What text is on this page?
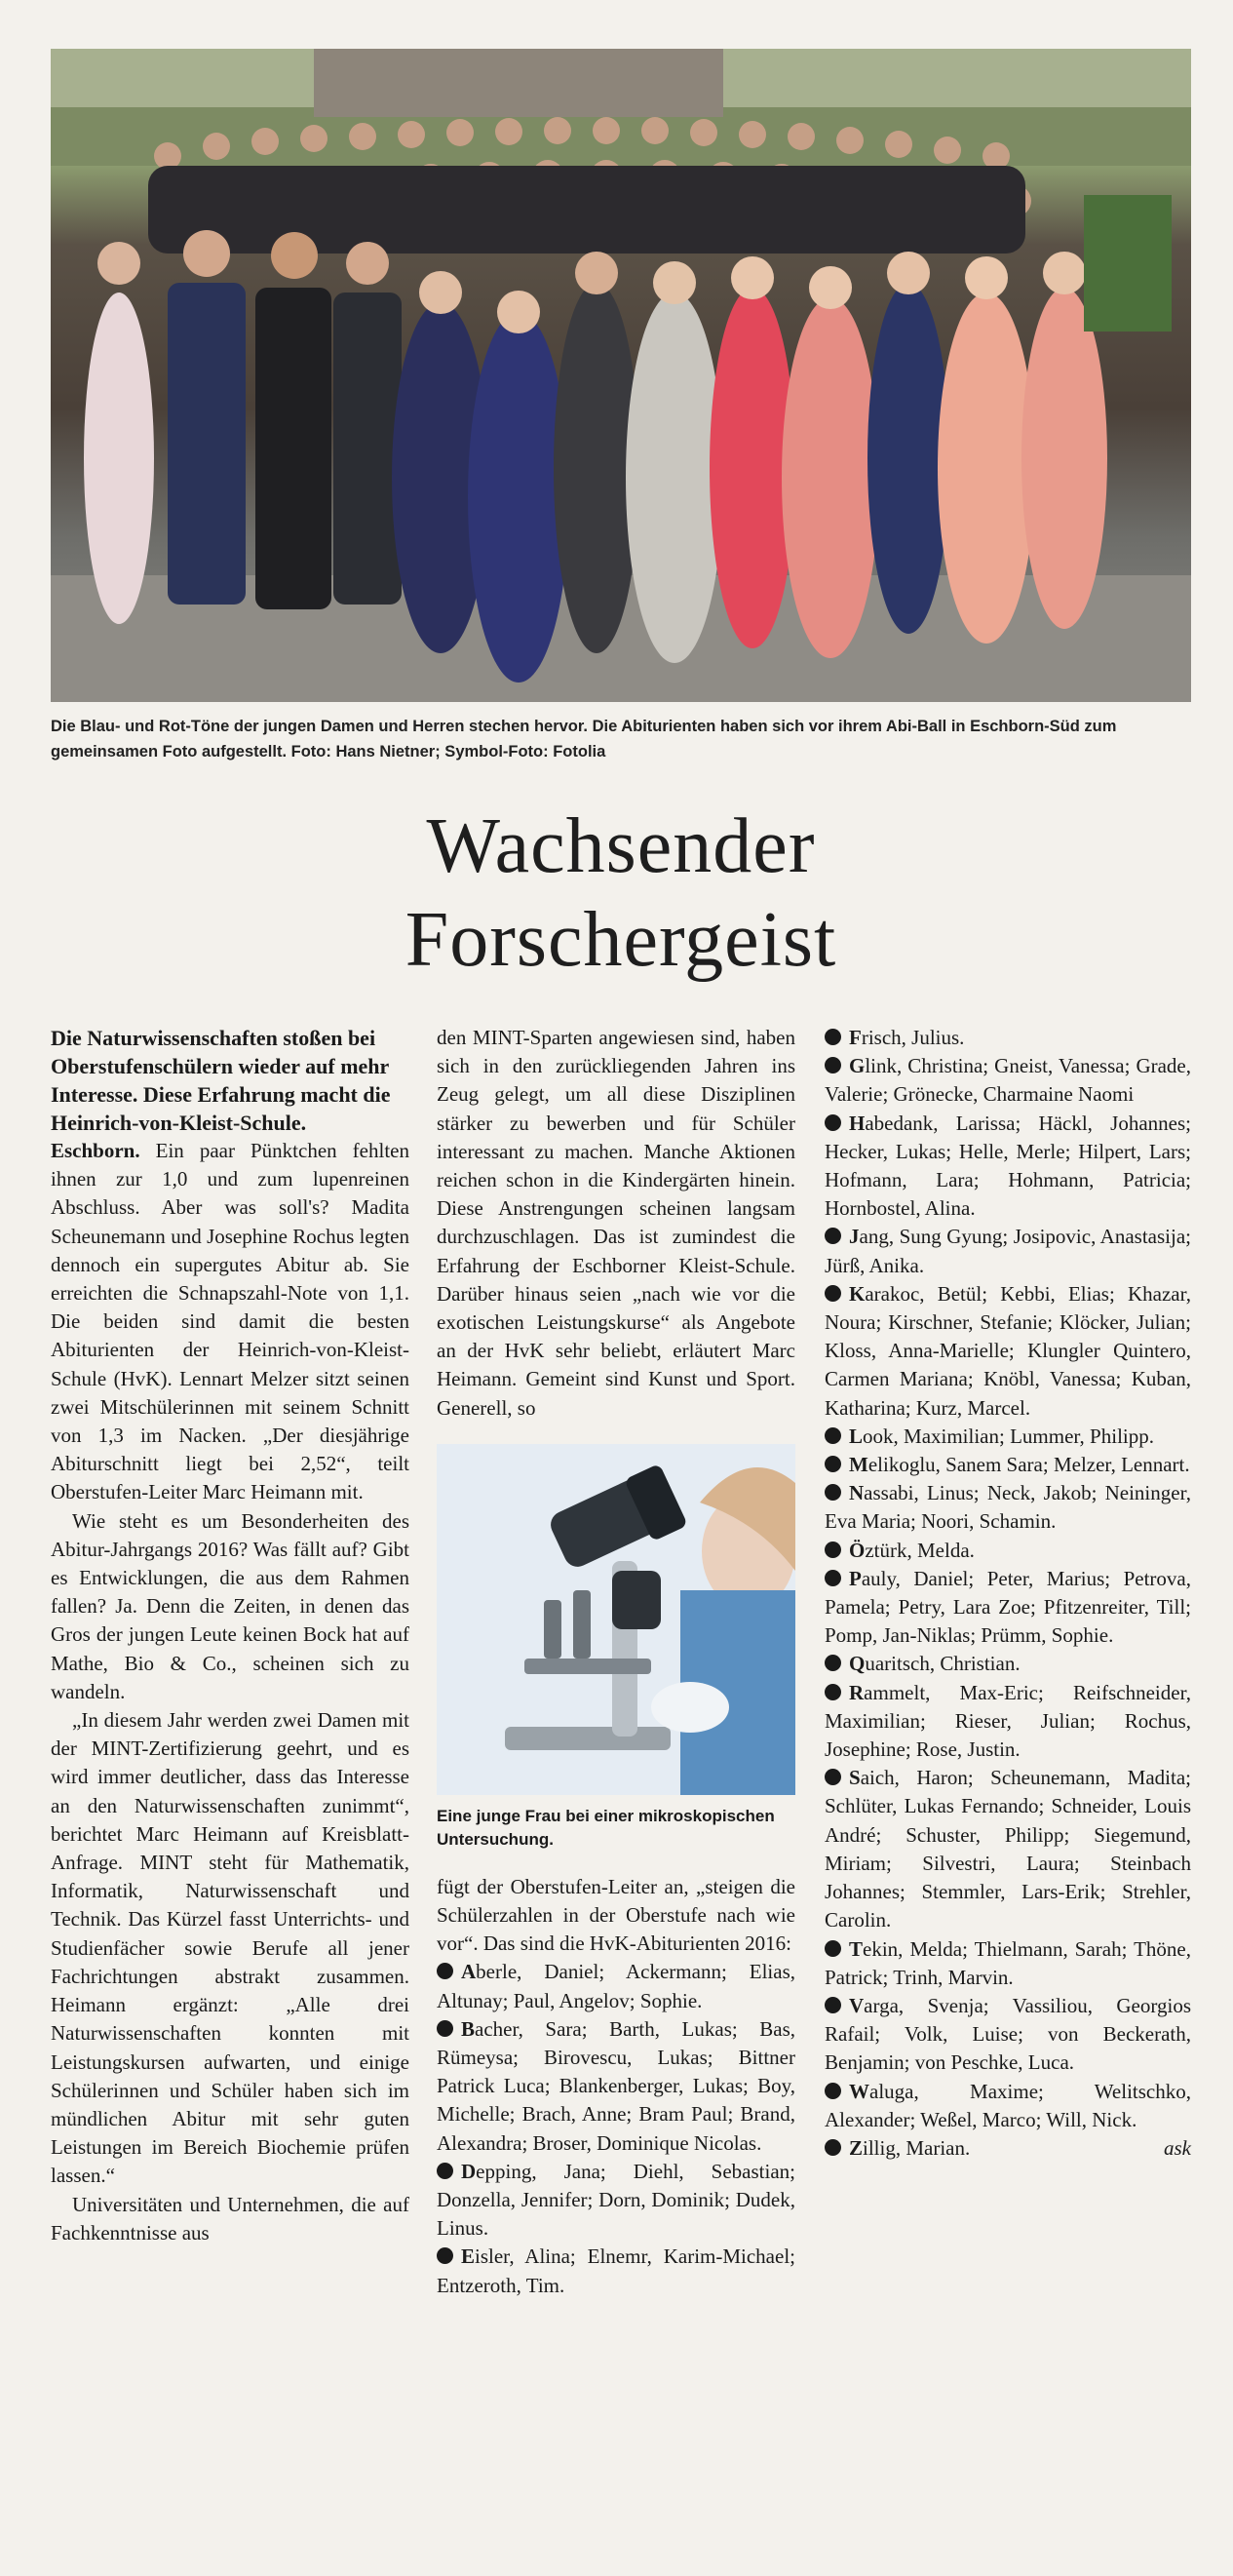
Die Blau- und Rot-Töne der jungen Damen und Herren stechen hervor. Die Abiturienten haben sich vor ihrem Abi-Ball in Eschborn-Süd zum gemeinsamen Foto aufgestellt. Foto: Hans Nietner; Symbol-Foto: Fotolia
Wachsender
Forschergeist

Die Naturwissenschaften stoßen bei Oberstufenschülern wieder auf mehr Interesse. Diese Erfahrung macht die Heinrich-von-Kleist-Schule.

Eschborn. Ein paar Pünktchen fehlten ihnen zur 1,0 und zum lupenreinen Abschluss. Aber was soll's? Madita Scheunemann und Josephine Rochus legten dennoch ein supergutes Abitur ab. Sie erreichten die Schnapszahl-Note von 1,1. Die beiden sind damit die besten Abiturienten der Heinrich-von-Kleist-Schule (HvK). Lennart Melzer sitzt seinen zwei Mitschülerinnen mit seinem Schnitt von 1,3 im Nacken. „Der diesjährige Abiturschnitt liegt bei 2,52“, teilt Oberstufen-Leiter Marc Heimann mit.

Wie steht es um Besonderheiten des Abitur-Jahrgangs 2016? Was fällt auf? Gibt es Entwicklungen, die aus dem Rahmen fallen? Ja. Denn die Zeiten, in denen das Gros der jungen Leute keinen Bock hat auf Mathe, Bio & Co., scheinen sich zu wandeln.

„In diesem Jahr werden zwei Damen mit der MINT-Zertifizierung geehrt, und es wird immer deutlicher, dass das Interesse an den Naturwissenschaften zunimmt“, berichtet Marc Heimann auf Kreisblatt-Anfrage. MINT steht für Mathematik, Informatik, Naturwissenschaft und Technik. Das Kürzel fasst Unterrichts- und Studienfächer sowie Berufe all jener Fachrichtungen abstrakt zusammen. Heimann ergänzt: „Alle drei Naturwissenschaften konnten mit Leistungskursen aufwarten, und einige Schülerinnen und Schüler haben sich im mündlichen Abitur mit sehr guten Leistungen im Bereich Biochemie prüfen lassen.“

Universitäten und Unternehmen, die auf Fachkenntnisse aus

den MINT-Sparten angewiesen sind, haben sich in den zurückliegenden Jahren ins Zeug gelegt, um all diese Disziplinen stärker zu bewerben und für Schüler interessant zu machen. Manche Aktionen reichen schon in die Kindergärten hinein. Diese Anstrengungen scheinen langsam durchzuschlagen. Das ist zumindest die Erfahrung der Eschborner Kleist-Schule. Darüber hinaus seien „nach wie vor die exotischen Leistungskurse“ als Angebote an der HvK sehr beliebt, erläutert Marc Heimann. Gemeint sind Kunst und Sport. Generell, so

Eine junge Frau bei einer mikroskopischen Untersuchung.

fügt der Oberstufen-Leiter an, „steigen die Schülerzahlen in der Oberstufe nach wie vor“. Das sind die HvK-Abiturienten 2016:

Aberle, Daniel; Ackermann; Elias, Altunay; Paul, Angelov; Sophie.

Bacher, Sara; Barth, Lukas; Bas, Rümeysa; Birovescu, Lukas; Bittner Patrick Luca; Blankenberger, Lukas; Boy, Michelle; Brach, Anne; Bram Paul; Brand, Alexandra; Broser, Dominique Nicolas.

Depping, Jana; Diehl, Sebastian; Donzella, Jennifer; Dorn, Dominik; Dudek, Linus.

Eisler, Alina; Elnemr, Karim-Michael; Entzeroth, Tim.

Frisch, Julius.

Glink, Christina; Gneist, Vanessa; Grade, Valerie; Grönecke, Charmaine Naomi

Habedank, Larissa; Häckl, Johannes; Hecker, Lukas; Helle, Merle; Hilpert, Lars; Hofmann, Lara; Hohmann, Patricia; Hornbostel, Alina.

Jang, Sung Gyung; Josipovic, Anastasija; Jürß, Anika.

Karakoc, Betül; Kebbi, Elias; Khazar, Noura; Kirschner, Stefanie; Klöcker, Julian; Kloss, Anna-Marielle; Klungler Quintero, Carmen Mariana; Knöbl, Vanessa; Kuban, Katharina; Kurz, Marcel.

Look, Maximilian; Lummer, Philipp.

Melikoglu, Sanem Sara; Melzer, Lennart.

Nassabi, Linus; Neck, Jakob; Neininger, Eva Maria; Noori, Schamin.

Öztürk, Melda.

Pauly, Daniel; Peter, Marius; Petrova, Pamela; Petry, Lara Zoe; Pfitzenreiter, Till; Pomp, Jan-Niklas; Prümm, Sophie.

Quaritsch, Christian.

Rammelt, Max-Eric; Reifschneider, Maximilian; Rieser, Julian; Rochus, Josephine; Rose, Justin.

Saich, Haron; Scheunemann, Madita; Schlüter, Lukas Fernando; Schneider, Louis André; Schuster, Philipp; Siegemund, Miriam; Silvestri, Laura; Steinbach Johannes; Stemmler, Lars-Erik; Strehler, Carolin.

Tekin, Melda; Thielmann, Sarah; Thöne, Patrick; Trinh, Marvin.

Varga, Svenja; Vassiliou, Georgios Rafail; Volk, Luise; von Beckerath, Benjamin; von Peschke, Luca.

Waluga, Maxime; Welitschko, Alexander; Weßel, Marco; Will, Nick.

Zillig, Marian.	ask
